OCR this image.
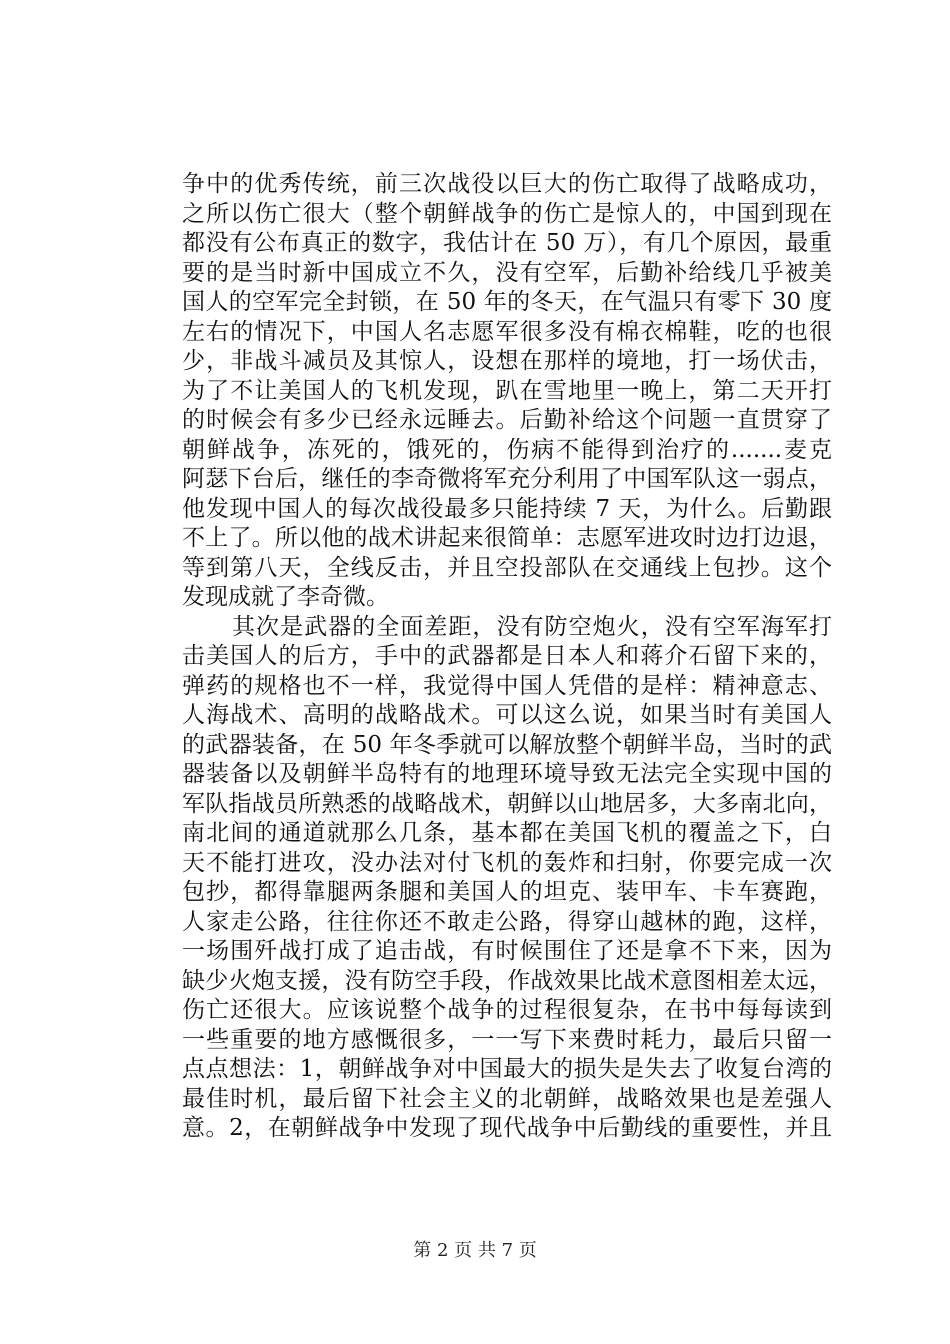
争中的优秀传统，前三次战役以巨大的伤亡取得了战略成功，
之所以伤亡很大（整个朝鲜战争的伤亡是惊人的，中国到现在
都没有公布真正的数字，我估计在 50 万），有几个原因，最重
要的是当时新中国成立不久，没有空军，后勤补给线几乎被美
国人的空军完全封锁，在 50 年的冬天，在气温只有零下 30 度
左右的情况下，中国人名志愿军很多没有棉衣棉鞋，吃的也很
少，非战斗减员及其惊人，设想在那样的境地，打一场伏击，
为了不让美国人的飞机发现，趴在雪地里一晚上，第二天开打
的时候会有多少已经永远睡去。后勤补给这个问题一直贯穿了
朝鲜战争，冻死的，饿死的，伤病不能得到治疗的.......麦克
阿瑟下台后，继任的李奇微将军充分利用了中国军队这一弱点，
他发现中国人的每次战役最多只能持续 7 天，为什么。后勤跟
不上了。所以他的战术讲起来很简单：志愿军进攻时边打边退，
等到第八天，全线反击，并且空投部队在交通线上包抄。这个
发现成就了李奇微。
其次是武器的全面差距，没有防空炮火，没有空军海军打
击美国人的后方，手中的武器都是日本人和蒋介石留下来的，
弹药的规格也不一样，我觉得中国人凭借的是样：精神意志、
人海战术、高明的战略战术。可以这么说，如果当时有美国人
的武器装备，在 50 年冬季就可以解放整个朝鲜半岛，当时的武
器装备以及朝鲜半岛特有的地理环境导致无法完全实现中国的
军队指战员所熟悉的战略战术，朝鲜以山地居多，大多南北向，
南北间的通道就那么几条，基本都在美国飞机的覆盖之下，白
天不能打进攻，没办法对付飞机的轰炸和扫射，你要完成一次
包抄，都得靠腿两条腿和美国人的坦克、装甲车、卡车赛跑，
人家走公路，往往你还不敢走公路，得穿山越林的跑，这样，
一场围歼战打成了追击战，有时候围住了还是拿不下来，因为
缺少火炮支援，没有防空手段，作战效果比战术意图相差太远，
伤亡还很大。应该说整个战争的过程很复杂，在书中每每读到
一些重要的地方感慨很多，一一写下来费时耗力，最后只留一
点点想法：1，朝鲜战争对中国最大的损失是失去了收复台湾的
最佳时机，最后留下社会主义的北朝鲜，战略效果也是差强人
意。2，在朝鲜战争中发现了现代战争中后勤线的重要性，并且
第 2 页 共 7 页
